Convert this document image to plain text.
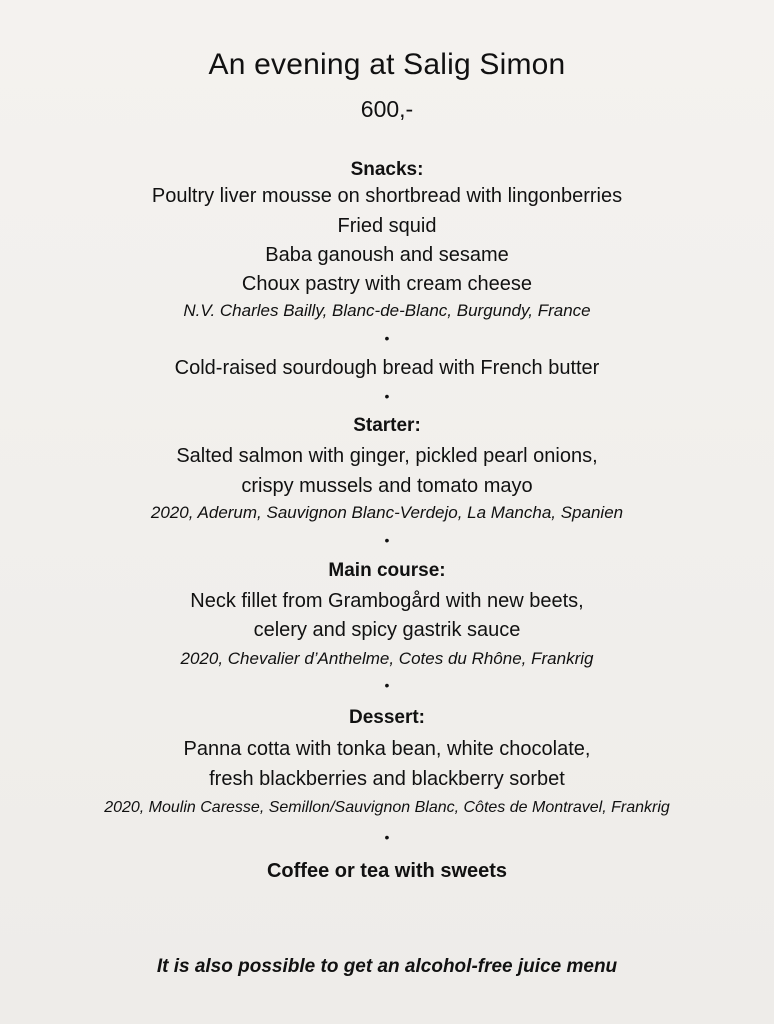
An evening at Salig Simon
600,-
Snacks:
Poultry liver mousse on shortbread with lingonberries
Fried squid
Baba ganoush and sesame
Choux pastry with cream cheese
N.V. Charles Bailly, Blanc-de-Blanc, Burgundy, France
•
Cold-raised sourdough bread with French butter
•
Starter:
Salted salmon with ginger, pickled pearl onions,
crispy mussels and tomato mayo
2020, Aderum, Sauvignon Blanc-Verdejo, La Mancha, Spanien
•
Main course:
Neck fillet from Grambogård with new beets,
celery and spicy gastrik sauce
2020, Chevalier d’Anthelme, Cotes du Rhône, Frankrig
•
Dessert:
Panna cotta with tonka bean, white chocolate,
fresh blackberries and blackberry sorbet
2020, Moulin Caresse, Semillon/Sauvignon Blanc, Côtes de Montravel, Frankrig
•
Coffee or tea with sweets
It is also possible to get an alcohol-free juice menu
